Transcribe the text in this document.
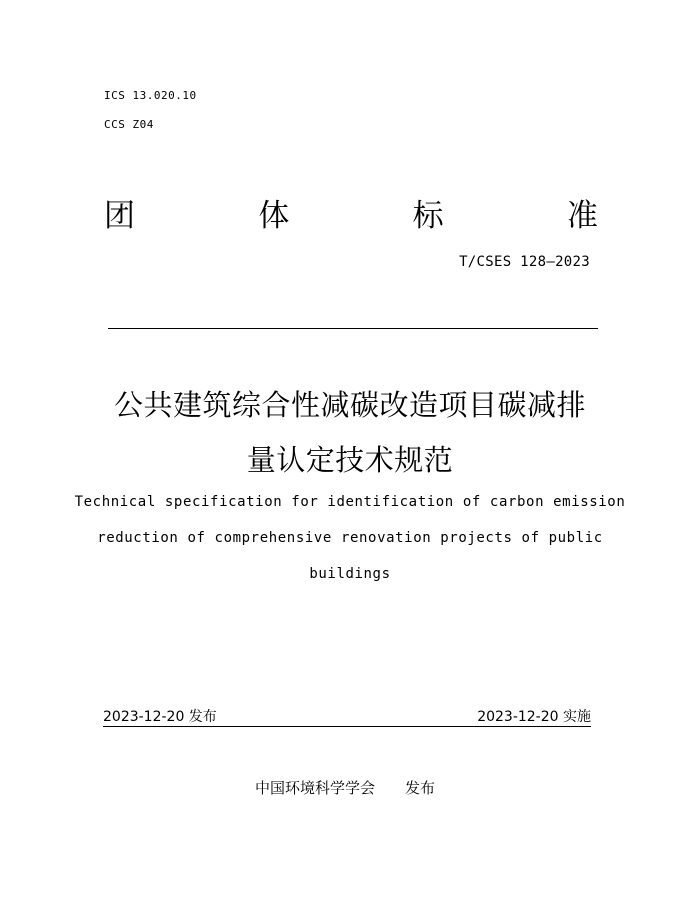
ICS 13.020.10
CCS Z04
团	体	标	准
T/CSES 128—2023
公共建筑综合性减碳改造项目碳减排
量认定技术规范
Technical specification for identification of carbon emission
reduction of comprehensive renovation projects of public
buildings
2023-12-20 发布	2023-12-20 实施
中国环境科学学会 发布
